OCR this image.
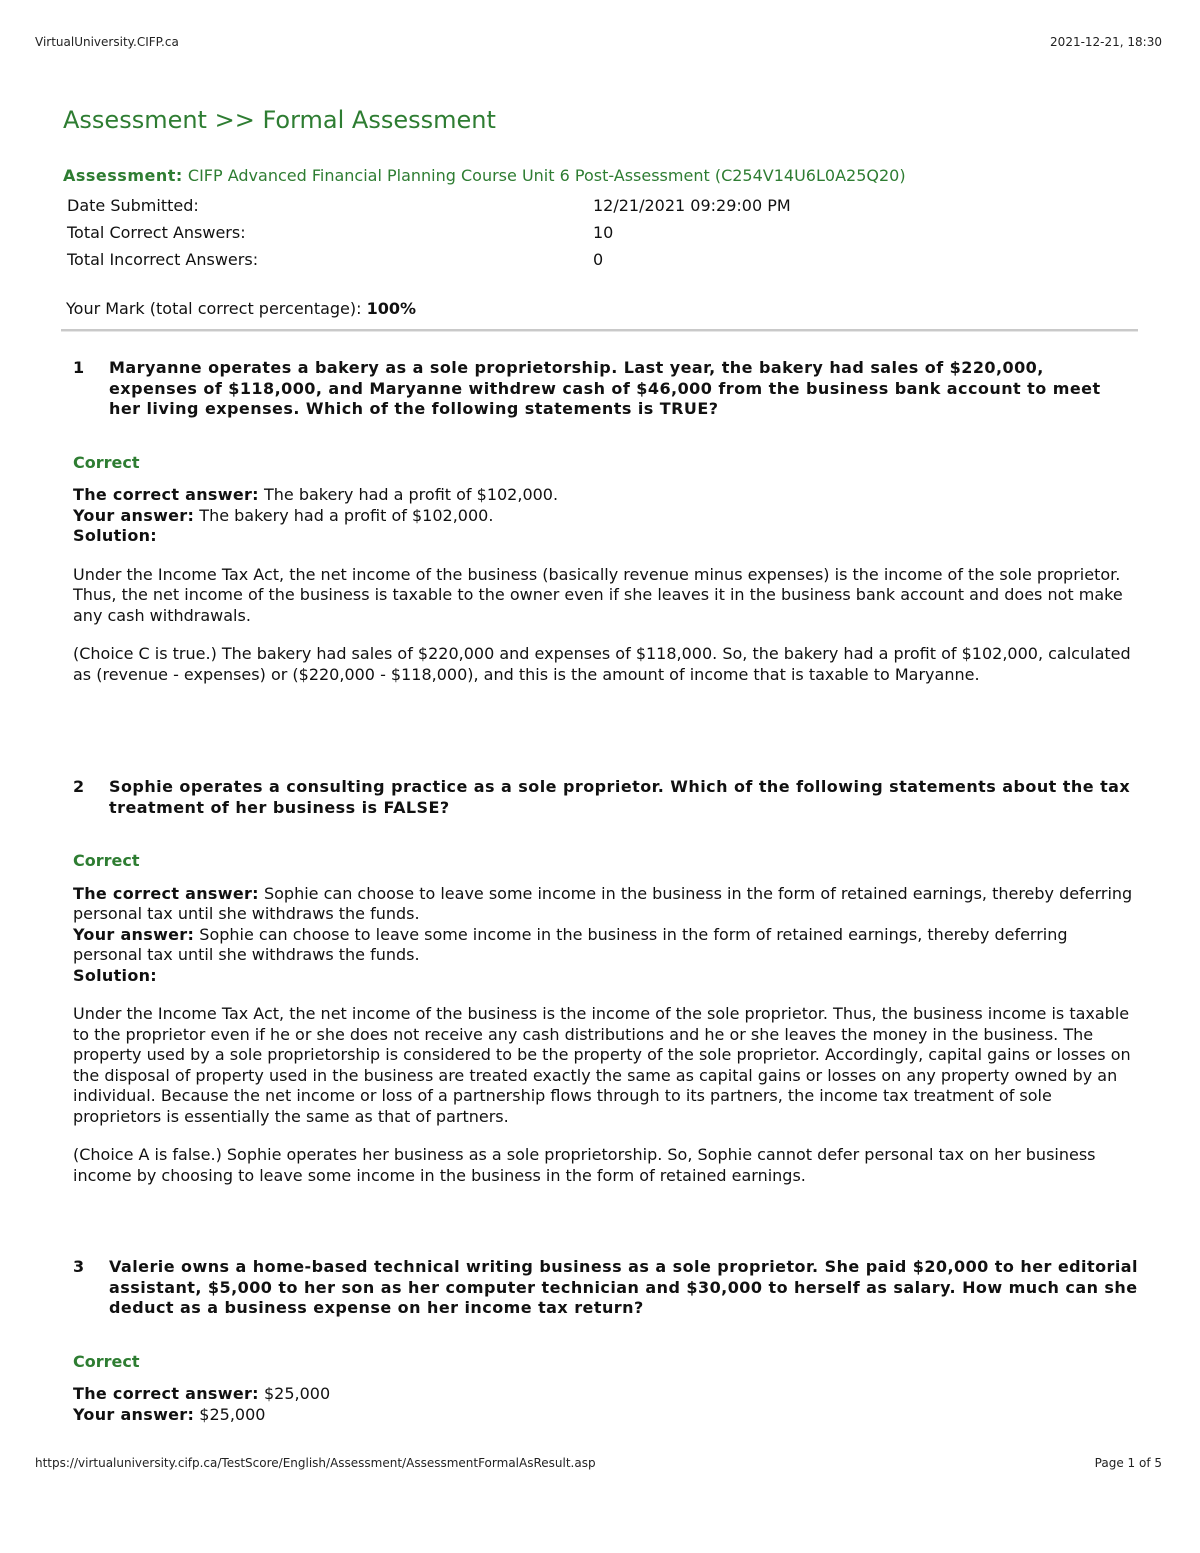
VirtualUniversity.CIFP.ca	2021-12-21, 18:30
Assessment >> Formal Assessment
Assessment: CIFP Advanced Financial Planning Course Unit 6 Post-Assessment (C254V14U6L0A25Q20)
Date Submitted:	12/21/2021 09:29:00 PM
Total Correct Answers:	10
Total Incorrect Answers:	0
Your Mark (total correct percentage): 100%
1	Maryanne operates a bakery as a sole proprietorship. Last year, the bakery had sales of $220,000, expenses of $118,000, and Maryanne withdrew cash of $46,000 from the business bank account to meet her living expenses. Which of the following statements is TRUE?
Correct
The correct answer: The bakery had a profit of $102,000.
Your answer: The bakery had a profit of $102,000.
Solution:
Under the Income Tax Act, the net income of the business (basically revenue minus expenses) is the income of the sole proprietor. Thus, the net income of the business is taxable to the owner even if she leaves it in the business bank account and does not make any cash withdrawals.
(Choice C is true.) The bakery had sales of $220,000 and expenses of $118,000. So, the bakery had a profit of $102,000, calculated as (revenue - expenses) or ($220,000 - $118,000), and this is the amount of income that is taxable to Maryanne.
2	Sophie operates a consulting practice as a sole proprietor. Which of the following statements about the tax treatment of her business is FALSE?
Correct
The correct answer: Sophie can choose to leave some income in the business in the form of retained earnings, thereby deferring personal tax until she withdraws the funds.
Your answer: Sophie can choose to leave some income in the business in the form of retained earnings, thereby deferring personal tax until she withdraws the funds.
Solution:
Under the Income Tax Act, the net income of the business is the income of the sole proprietor. Thus, the business income is taxable to the proprietor even if he or she does not receive any cash distributions and he or she leaves the money in the business. The property used by a sole proprietorship is considered to be the property of the sole proprietor. Accordingly, capital gains or losses on the disposal of property used in the business are treated exactly the same as capital gains or losses on any property owned by an individual. Because the net income or loss of a partnership flows through to its partners, the income tax treatment of sole proprietors is essentially the same as that of partners.
(Choice A is false.) Sophie operates her business as a sole proprietorship. So, Sophie cannot defer personal tax on her business income by choosing to leave some income in the business in the form of retained earnings.
3	Valerie owns a home-based technical writing business as a sole proprietor. She paid $20,000 to her editorial assistant, $5,000 to her son as her computer technician and $30,000 to herself as salary. How much can she deduct as a business expense on her income tax return?
Correct
The correct answer: $25,000
Your answer: $25,000
https://virtualuniversity.cifp.ca/TestScore/English/Assessment/AssessmentFormalAsResult.asp	Page 1 of 5
